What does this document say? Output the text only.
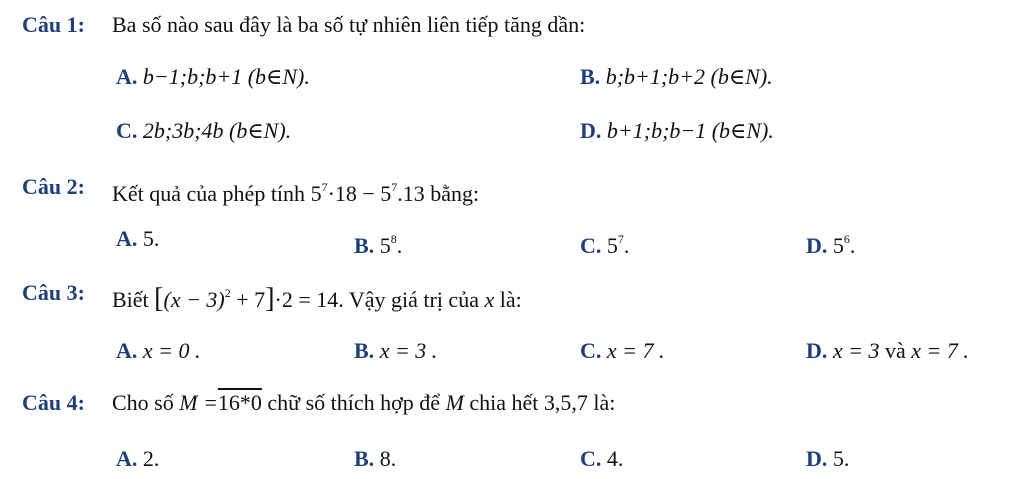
Câu 1: Ba số nào sau đây là ba số tự nhiên liên tiếp tăng dần:
A. b−1;b;b+1 (b∈N).	B. b;b+1;b+2 (b∈N).
C. 2b;3b;4b (b∈N).	D. b+1;b;b−1 (b∈N).
Câu 2: Kết quả của phép tính $5^7\cdot 18 - 5^7.13$ bằng:
A. 5.	B. $5^8$.	C. $5^7$.	D. $5^6$.
Câu 3: Biết $[(x - 3)^2 + 7]\cdot 2 = 14$. Vậy giá trị của x là:
A. x = 0 .	B. x = 3 .	C. x = 7 .	D. x = 3 và x = 7 .
Câu 4: Cho số M =16*0 chữ số thích hợp để M chia hết 3,5,7 là:
A. 2.	B. 8.	C. 4.	D. 5.
